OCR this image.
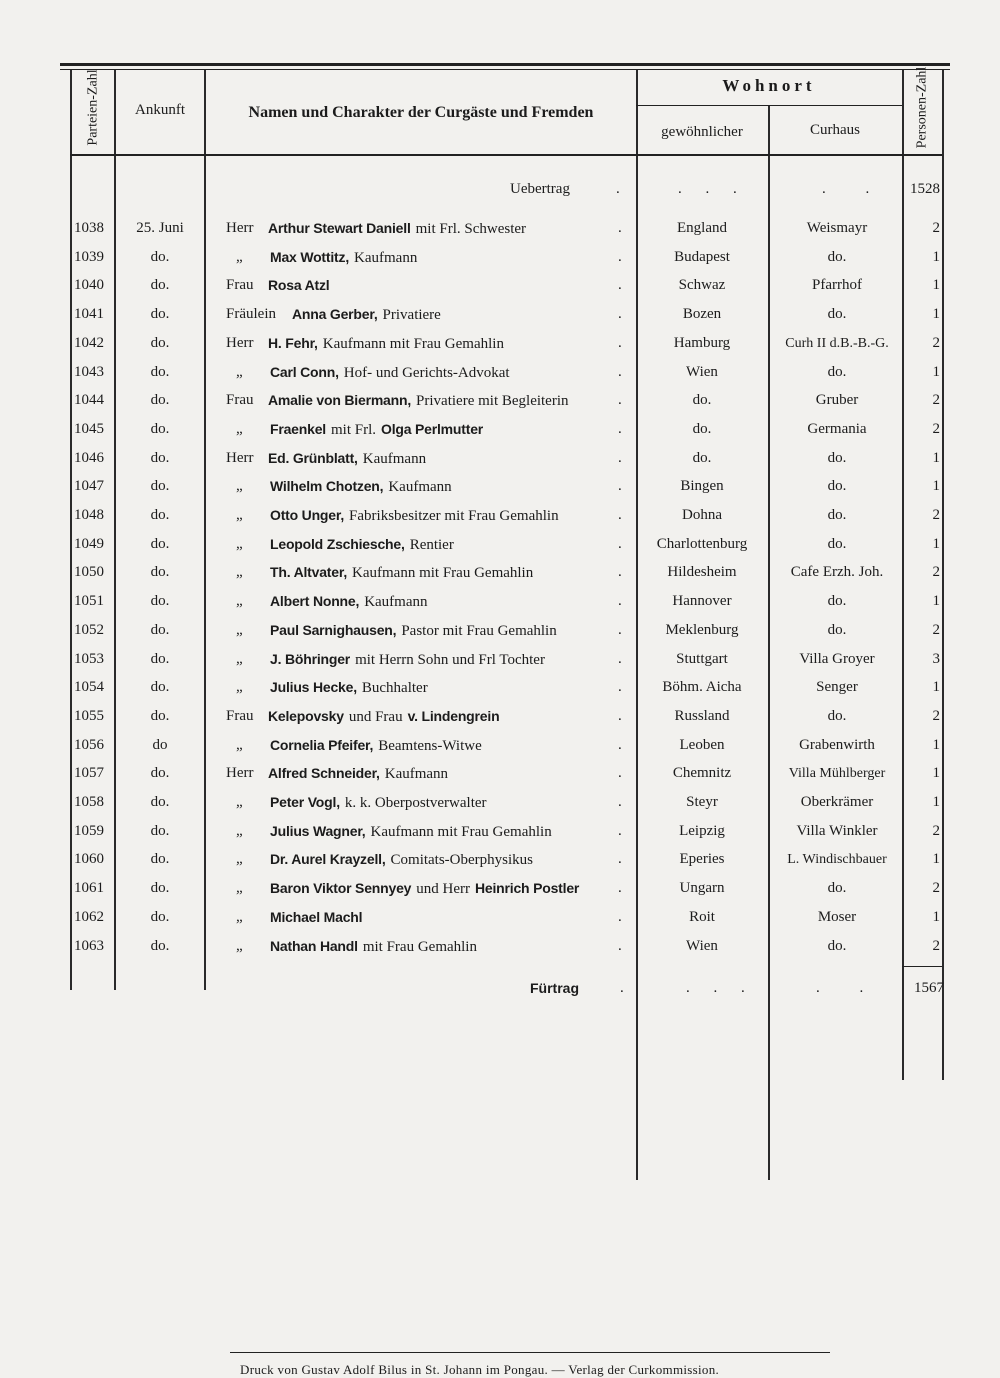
Parteien-Zahl	Ankunft	Namen und Charakter der Curgäste und Fremden
Wohnort
gewöhnlicher	Curhaus	Personen-Zahl
Uebertrag	.	. . .	. .	1528
1038	25. Juni	Herr	Arthur Stewart Daniell mit Frl. Schwester	.	England	Weismayr	2
1039	do.	„	Max Wottitz, Kaufmann	.	Budapest	do.	1
1040	do.	Frau	Rosa Atzl	.	Schwaz	Pfarrhof	1
1041	do.	Fräulein Anna Gerber, Privatiere	.	Bozen	do.	1
1042	do.	Herr	H. Fehr, Kaufmann mit Frau Gemahlin	.	Hamburg	Curh II d.B.-B.-G.	2
1043	do.	„	Carl Conn, Hof- und Gerichts-Advokat	.	Wien	do.	1
1044	do.	Frau	Amalie von Biermann, Privatiere mit Begleiterin	.	do.	Gruber	2
1045	do.	„	Fraenkel mit Frl. Olga Perlmutter	.	do.	Germania	2
1046	do.	Herr	Ed. Grünblatt, Kaufmann	.	do.	do.	1
1047	do.	„	Wilhelm Chotzen, Kaufmann	.	Bingen	do.	1
1048	do.	„	Otto Unger, Fabriksbesitzer mit Frau Gemahlin	.	Dohna	do.	2
1049	do.	„	Leopold Zschiesche, Rentier	.	Charlottenburg	do.	1
1050	do.	„	Th. Altvater, Kaufmann mit Frau Gemahlin	.	Hildesheim	Cafe Erzh. Joh.	2
1051	do.	„	Albert Nonne, Kaufmann	.	Hannover	do.	1
1052	do.	„	Paul Sarnighausen, Pastor mit Frau Gemahlin	.	Meklenburg	do.	2
1053	do.	„	J. Böhringer mit Herrn Sohn und Frl Tochter	.	Stuttgart	Villa Groyer	3
1054	do.	„	Julius Hecke, Buchhalter	.	Böhm. Aicha	Senger	1
1055	do.	Frau	Kelepovsky und Frau v. Lindengrein	.	Russland	do.	2
1056	do	„	Cornelia Pfeifer, Beamtens-Witwe	.	Leoben	Grabenwirth	1
1057	do.	Herr	Alfred Schneider, Kaufmann	.	Chemnitz	Villa Mühlberger	1
1058	do.	„	Peter Vogl, k. k. Oberpostverwalter	.	Steyr	Oberkrämer	1
1059	do.	„	Julius Wagner, Kaufmann mit Frau Gemahlin	.	Leipzig	Villa Winkler	2
1060	do.	„	Dr. Aurel Krayzell, Comitats-Oberphysikus	.	Eperies	L. Windischbauer	1
1061	do.	„	Baron Viktor Sennyey und Herr Heinrich Postler	.	Ungarn	do.	2
1062	do.	„	Michael Machl	.	Roit	Moser	1
1063	do.	„	Nathan Handl mit Frau Gemahlin	.	Wien	do.	2
Fürtrag	.	. . .	. .	1567
Druck von Gustav Adolf Bilus in St. Johann im Pongau. — Verlag der Curkommission.
